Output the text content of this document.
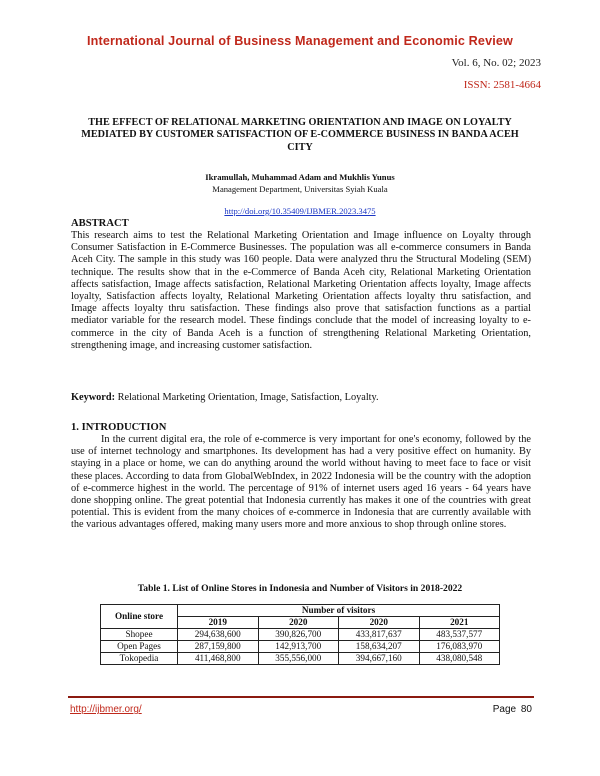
International Journal of Business Management and Economic Review
Vol. 6, No. 02; 2023
ISSN: 2581-4664
THE EFFECT OF RELATIONAL MARKETING ORIENTATION AND IMAGE ON LOYALTY MEDIATED BY CUSTOMER SATISFACTION OF E-COMMERCE BUSINESS IN BANDA ACEH CITY
Ikramullah, Muhammad Adam and Mukhlis Yunus
Management Department, Universitas Syiah Kuala
http://doi.org/10.35409/IJBMER.2023.3475
ABSTRACT

This research aims to test the Relational Marketing Orientation and Image influence on Loyalty through Consumer Satisfaction in E-Commerce Businesses. The population was all e-commerce consumers in Banda Aceh City. The sample in this study was 160 people. Data were analyzed thru the Structural Modeling (SEM) technique. The results show that in the e-Commerce of Banda Aceh city, Relational Marketing Orientation affects satisfaction, Image affects satisfaction, Relational Marketing Orientation affects loyalty, Image affects loyalty, Satisfaction affects loyalty, Relational Marketing Orientation affects loyalty thru satisfaction, and Image affects loyalty thru satisfaction. These findings also prove that satisfaction functions as a partial mediator variable for the research model. These findings conclude that the model of increasing loyalty to e-commerce in the city of Banda Aceh is a function of strengthening Relational Marketing Orientation, strengthening image, and increasing customer satisfaction.

Keyword: Relational Marketing Orientation, Image, Satisfaction, Loyalty.

1. INTRODUCTION

In the current digital era, the role of e-commerce is very important for one's economy, followed by the use of internet technology and smartphones. Its development has had a very positive effect on humanity. By staying in a place or home, we can do anything around the world without having to meet face to face or visit these places. According to data from GlobalWebIndex, in 2022 Indonesia will be the country with the adoption of e-commerce highest in the world. The percentage of 91% of internet users aged 16 years - 64 years have done shopping online. The great potential that Indonesia currently has makes it one of the countries with great potential. This is evident from the many choices of e-commerce in Indonesia that are currently available with the various advantages offered, making many users more and more anxious to shop through online stores.

Table 1. List of Online Stores in Indonesia and Number of Visitors in 2018-2022
Online store	Number of visitors			
	2019	2020	2020	2021
Shopee	294,638,600	390,826,700	433,817,637	483,537,577
Open Pages	287,159,800	142,913,700	158,634,207	176,083,970
Tokopedia	411,468,800	355,556,000	394,667,160	438,080,548
http://ijbmer.org/	Page 80
